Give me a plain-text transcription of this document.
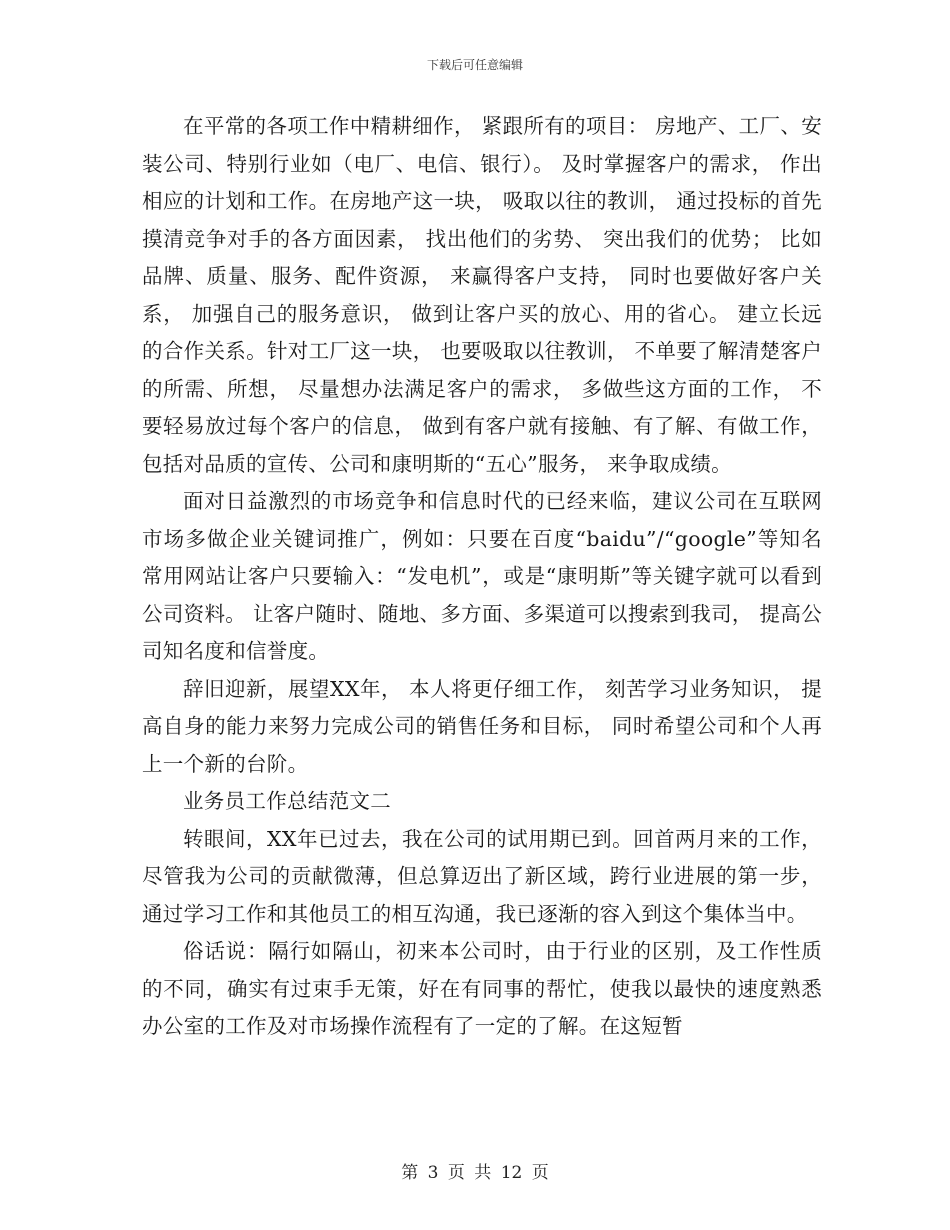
下载后可任意编辑

在平常的各项工作中精耕细作， 紧跟所有的项目： 房地产、工厂、安装公司、特别行业如（电厂、电信、银行）。 及时掌握客户的需求， 作出相应的计划和工作。在房地产这一块， 吸取以往的教训， 通过投标的首先摸清竞争对手的各方面因素， 找出他们的劣势、 突出我们的优势； 比如品牌、质量、服务、配件资源， 来赢得客户支持， 同时也要做好客户关系， 加强自己的服务意识， 做到让客户买的放心、用的省心。 建立长远的合作关系。针对工厂这一块， 也要吸取以往教训， 不单要了解清楚客户的所需、所想， 尽量想办法满足客户的需求， 多做些这方面的工作， 不要轻易放过每个客户的信息， 做到有客户就有接触、有了解、有做工作， 包括对品质的宣传、公司和康明斯的“五心”服务， 来争取成绩。

面对日益激烈的市场竞争和信息时代的已经来临，建议公司在互联网市场多做企业关键词推广，例如：只要在百度“baidu”/“google”等知名常用网站让客户只要输入：“发电机”，或是“康明斯”等关键字就可以看到公司资料。 让客户随时、随地、多方面、多渠道可以搜索到我司， 提高公司知名度和信誉度。

辞旧迎新，展望XX年， 本人将更仔细工作， 刻苦学习业务知识， 提高自身的能力来努力完成公司的销售任务和目标， 同时希望公司和个人再上一个新的台阶。

业务员工作总结范文二

转眼间，XX年已过去，我在公司的试用期已到。回首两月来的工作，尽管我为公司的贡献微薄，但总算迈出了新区域，跨行业进展的第一步，通过学习工作和其他员工的相互沟通，我已逐渐的容入到这个集体当中。

俗话说：隔行如隔山，初来本公司时，由于行业的区别，及工作性质的不同，确实有过束手无策，好在有同事的帮忙，使我以最快的速度熟悉办公室的工作及对市场操作流程有了一定的了解。在这短暂

第 3 页 共 12 页
